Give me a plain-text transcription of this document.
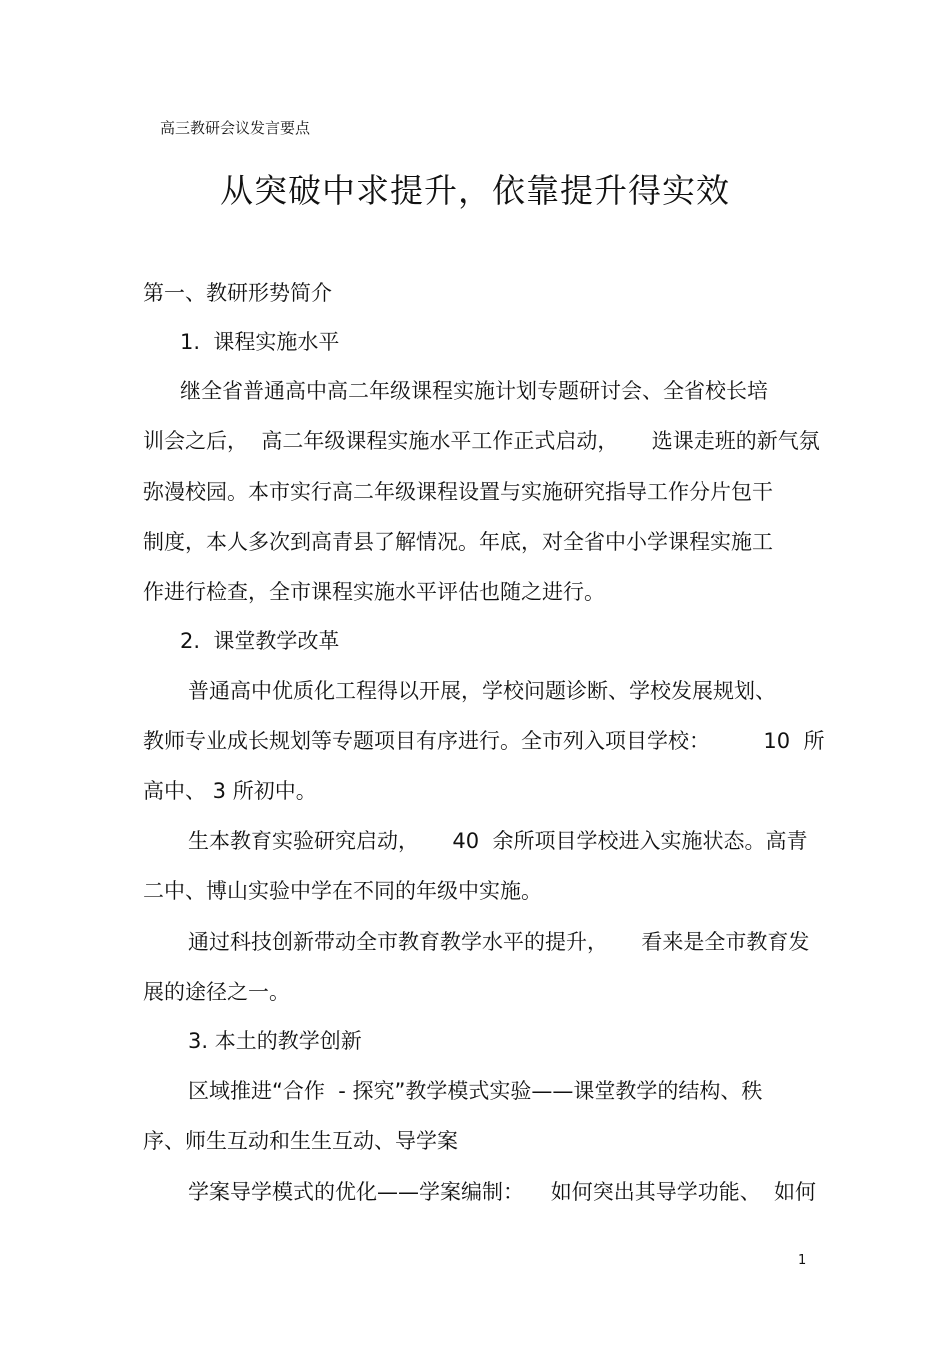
高三教研会议发言要点
从突破中求提升，依靠提升得实效
第一、教研形势简介
1.  课程实施水平
继全省普通高中高二年级课程实施计划专题研讨会、全省校长培
训会之后，  高二年级课程实施水平工作正式启动，     选课走班的新气氛
弥漫校园。本市实行高二年级课程设置与实施研究指导工作分片包干
制度，本人多次到高青县了解情况。年底，对全省中小学课程实施工
作进行检查，全市课程实施水平评估也随之进行。
2.  课堂教学改革
普通高中优质化工程得以开展，学校问题诊断、学校发展规划、
教师专业成长规划等专题项目有序进行。全市列入项目学校：        10  所
高中、 3 所初中。
生本教育实验研究启动，     40  余所项目学校进入实施状态。高青
二中、博山实验中学在不同的年级中实施。
通过科技创新带动全市教育教学水平的提升，     看来是全市教育发
展的途径之一。
3. 本土的教学创新
区域推进“合作  - 探究”教学模式实验——课堂教学的结构、秩
序、师生互动和生生互动、导学案
学案导学模式的优化——学案编制：    如何突出其导学功能、  如何
1
